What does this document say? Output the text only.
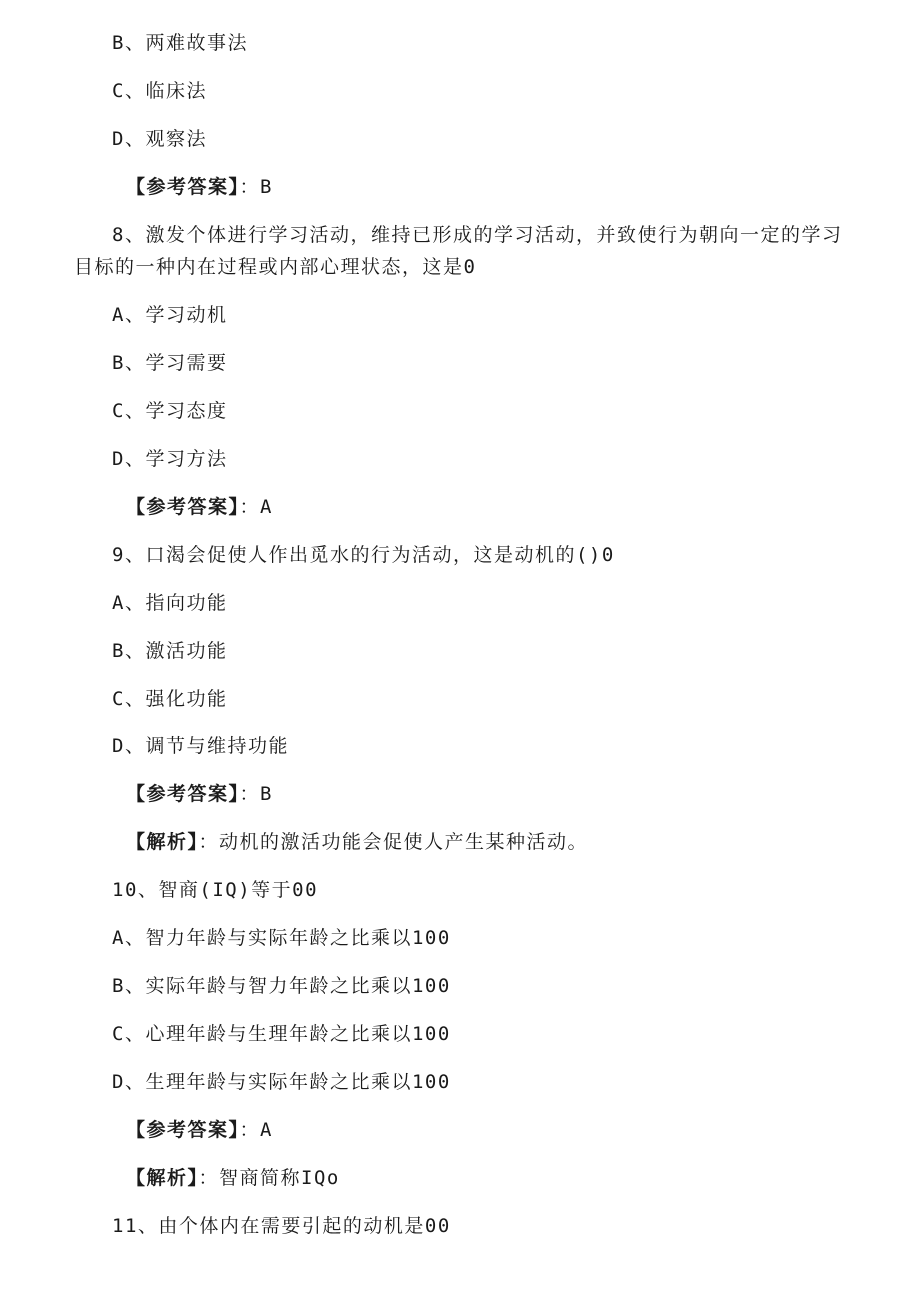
B、两难故事法
C、临床法
D、观察法
【参考答案】：B
8、激发个体进行学习活动，维持已形成的学习活动，并致使行为朝向一定的学习
目标的一种内在过程或内部心理状态，这是0
A、学习动机
B、学习需要
C、学习态度
D、学习方法
【参考答案】：A
9、口渴会促使人作出觅水的行为活动，这是动机的()0
A、指向功能
B、激活功能
C、强化功能
D、调节与维持功能
【参考答案】：B
【解析】：动机的激活功能会促使人产生某种活动。
10、智商(IQ)等于00
A、智力年龄与实际年龄之比乘以100
B、实际年龄与智力年龄之比乘以100
C、心理年龄与生理年龄之比乘以100
D、生理年龄与实际年龄之比乘以100
【参考答案】：A
【解析】：智商简称IQo
11、由个体内在需要引起的动机是00
